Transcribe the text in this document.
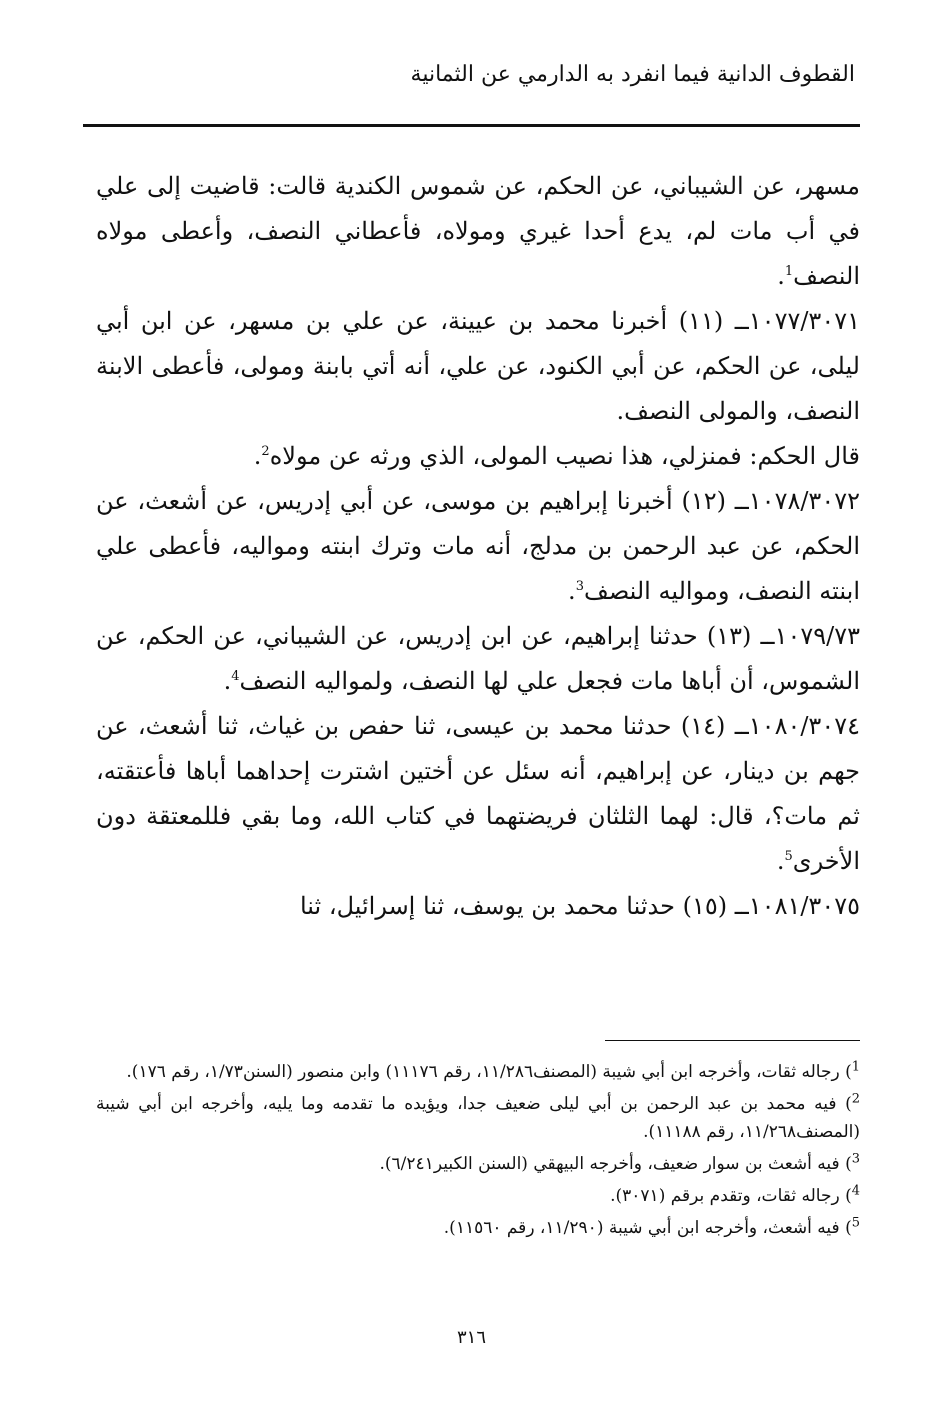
القطوف الدانية فيما انفرد به الدارمي عن الثمانية

مسهر، عن الشيباني، عن الحكم، عن شموس الكندية قالت: قاضيت إلى علي في أب مات لم، يدع أحدا غيري ومولاه، فأعطاني النصف، وأعطى مولاه النصف$^1$.

١٠٧٧/٣٠٧١ــ (١١) أخبرنا محمد بن عيينة، عن علي بن مسهر، عن ابن أبي ليلى، عن الحكم، عن أبي الكنود، عن علي، أنه أتي بابنة ومولى، فأعطى الابنة النصف، والمولى النصف.

قال الحكم: فمنزلي، هذا نصيب المولى، الذي ورثه عن مولاه$^2$.

١٠٧٨/٣٠٧٢ــ (١٢) أخبرنا إبراهيم بن موسى، عن أبي إدريس، عن أشعث، عن الحكم، عن عبد الرحمن بن مدلج، أنه مات وترك ابنته ومواليه، فأعطى علي ابنته النصف، ومواليه النصف$^3$.

١٠٧٩/٧٣ــ (١٣) حدثنا إبراهيم، عن ابن إدريس، عن الشيباني، عن الحكم، عن الشموس، أن أباها مات فجعل علي لها النصف، ولمواليه النصف$^4$.

١٠٨٠/٣٠٧٤ــ (١٤) حدثنا محمد بن عيسى، ثنا حفص بن غياث، ثنا أشعث، عن جهم بن دينار، عن إبراهيم، أنه سئل عن أختين اشترت إحداهما أباها فأعتقته، ثم مات؟، قال: لهما الثلثان فريضتهما في كتاب الله، وما بقي فللمعتقة دون الأخرى$^5$.

١٠٨١/٣٠٧٥ــ (١٥) حدثنا محمد بن يوسف، ثنا إسرائيل، ثنا

$^1$) رجاله ثقات، وأخرجه ابن أبي شيبة (المصنف١١/٢٨٦، رقم ١١١٧٦) وابن منصور (السنن١/٧٣، رقم ١٧٦).

$^2$) فيه محمد بن عبد الرحمن بن أبي ليلى ضعيف جدا، ويؤيده ما تقدمه وما يليه، وأخرجه ابن أبي شيبة (المصنف١١/٢٦٨، رقم ١١١٨٨).

$^3$) فيه أشعث بن سوار ضعيف، وأخرجه البيهقي (السنن الكبير٦/٢٤١).

$^4$) رجاله ثقات، وتقدم برقم (٣٠٧١).

$^5$) فيه أشعث، وأخرجه ابن أبي شيبة (١١/٢٩٠، رقم ١١٥٦٠).

٣١٦
